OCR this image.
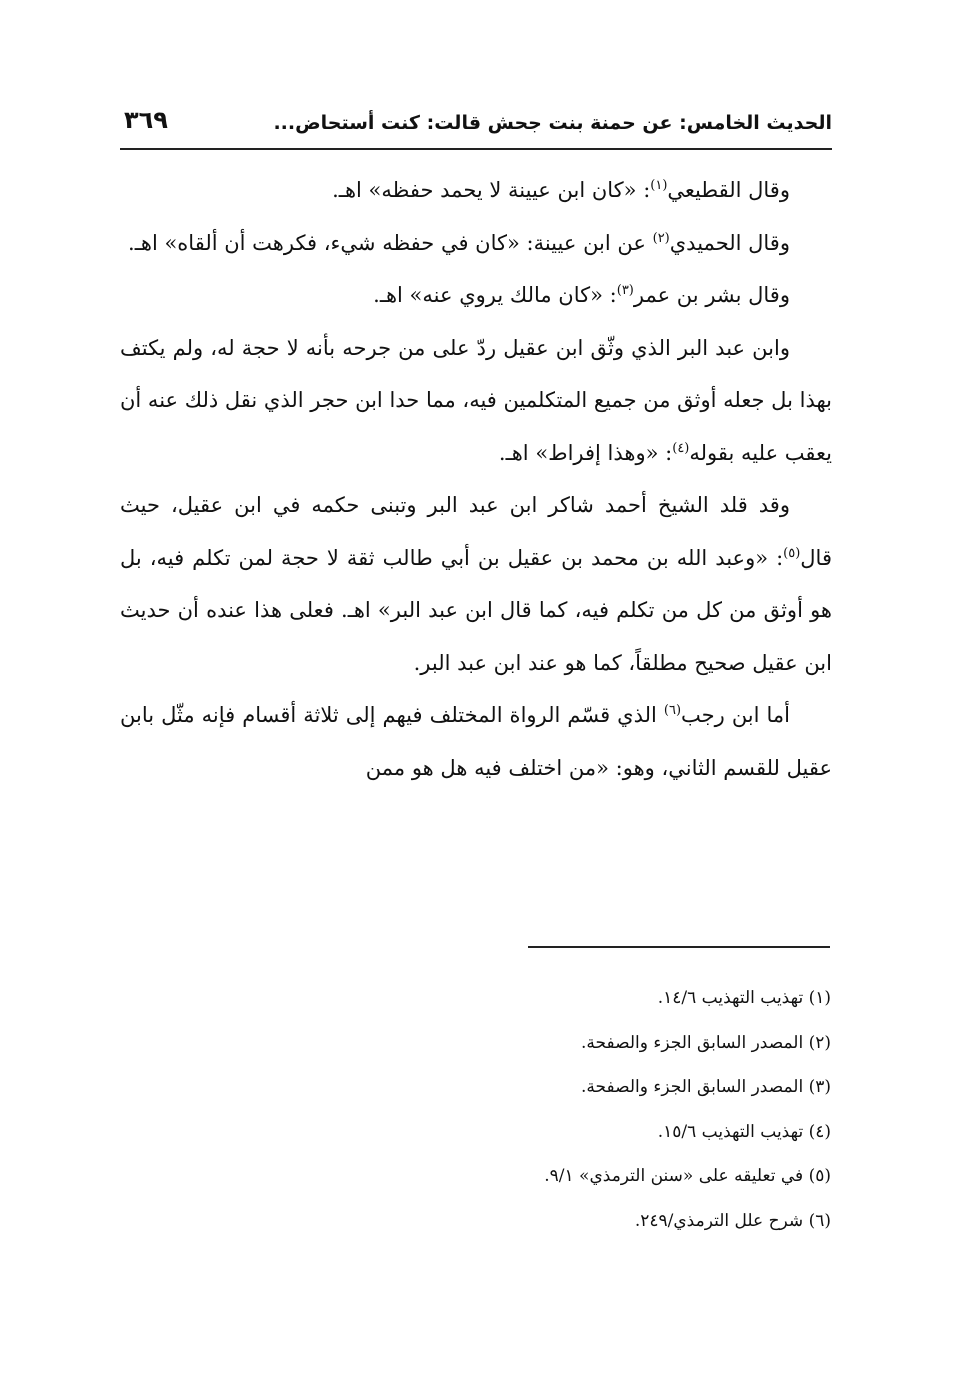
الحديث الخامس: عن حمنة بنت جحش قالت: كنت أستحاض...
٣٦٩

وقال القطيعي$^{(١)}$: «كان ابن عيينة لا يحمد حفظه» اهـ.

وقال الحميدي$^{(٢)}$ عن ابن عيينة: «كان في حفظه شيء، فكرهت أن ألقاه» اهـ.

وقال بشر بن عمر$^{(٣)}$: «كان مالك يروي عنه» اهـ.

وابن عبد البر الذي وثّق ابن عقيل ردّ على من جرحه بأنه لا حجة له، ولم يكتف بهذا بل جعله أوثق من جميع المتكلمين فيه، مما حدا ابن حجر الذي نقل ذلك عنه أن يعقب عليه بقوله$^{(٤)}$: «وهذا إفراط» اهـ.

وقد قلد الشيخ أحمد شاكر ابن عبد البر وتبنى حكمه في ابن عقيل، حيث قال$^{(٥)}$: «وعبد الله بن محمد بن عقيل بن أبي طالب ثقة لا حجة لمن تكلم فيه، بل هو أوثق من كل من تكلم فيه، كما قال ابن عبد البر» اهـ. فعلى هذا عنده أن حديث ابن عقيل صحيح مطلقاً، كما هو عند ابن عبد البر.

أما ابن رجب$^{(٦)}$ الذي قسّم الرواة المختلف فيهم إلى ثلاثة أقسام فإنه مثّل بابن عقيل للقسم الثاني، وهو: «من اختلف فيه هل هو ممن

(١) تهذيب التهذيب ١٤/٦.
(٢) المصدر السابق الجزء والصفحة.
(٣) المصدر السابق الجزء والصفحة.
(٤) تهذيب التهذيب ١٥/٦.
(٥) في تعليقه على «سنن الترمذي» ٩/١.
(٦) شرح علل الترمذي/٢٤٩.
